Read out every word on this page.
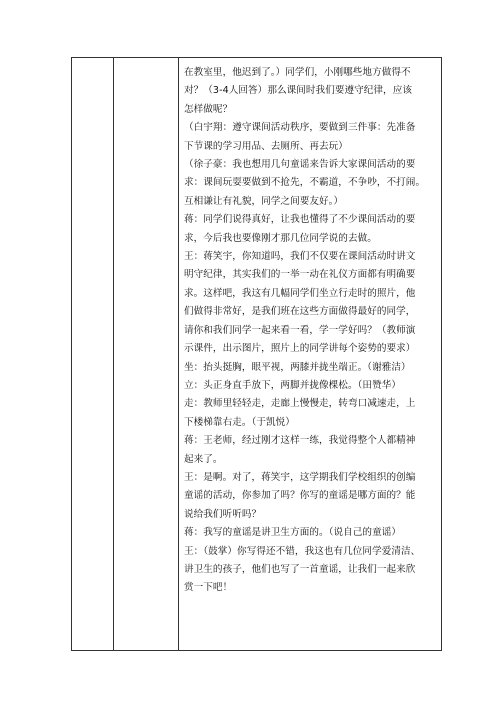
在教室里，他迟到了。）同学们，小刚哪些地方做得不
对？（3-4人回答）那么课间时我们要遵守纪律，应该
怎样做呢？
（白宇翔：遵守课间活动秩序，要做到三件事：先准备
下节课的学习用品、去厕所、再去玩）
（徐子豪：我也想用几句童谣来告诉大家课间活动的要
求：课间玩耍要做到不抢先，不霸道，不争吵，不打闹。
互相谦让有礼貌，同学之间要友好。）
蒋：同学们说得真好，让我也懂得了不少课间活动的要
求，今后我也要像刚才那几位同学说的去做。
王：蒋笑宇，你知道吗，我们不仅要在课间活动时讲文
明守纪律，其实我们的一举一动在礼仪方面都有明确要
求。这样吧，我这有几幅同学们坐立行走时的照片，他
们做得非常好，是我们班在这些方面做得最好的同学，
请你和我们同学一起来看一看，学一学好吗？（教师演
示课件，出示图片，照片上的同学讲每个姿势的要求）
坐：抬头挺胸，眼平视，两膝并拢坐端正。（谢雅洁）
立：头正身直手放下，两脚并拢像棵松。（田赞华）
走：教师里轻轻走，走廊上慢慢走，转弯口减速走，上
下楼梯靠右走。（于凯悦）
蒋：王老师，经过刚才这样一练，我觉得整个人都精神
起来了。
王：是啊。对了，蒋笑宇，这学期我们学校组织的创编
童谣的活动，你参加了吗？你写的童谣是哪方面的？能
说给我们听听吗？
蒋：我写的童谣是讲卫生方面的。（说自己的童谣）
王：（鼓掌）你写得还不错，我这也有几位同学爱清洁、
讲卫生的孩子，他们也写了一首童谣，让我们一起来欣
赏一下吧！
